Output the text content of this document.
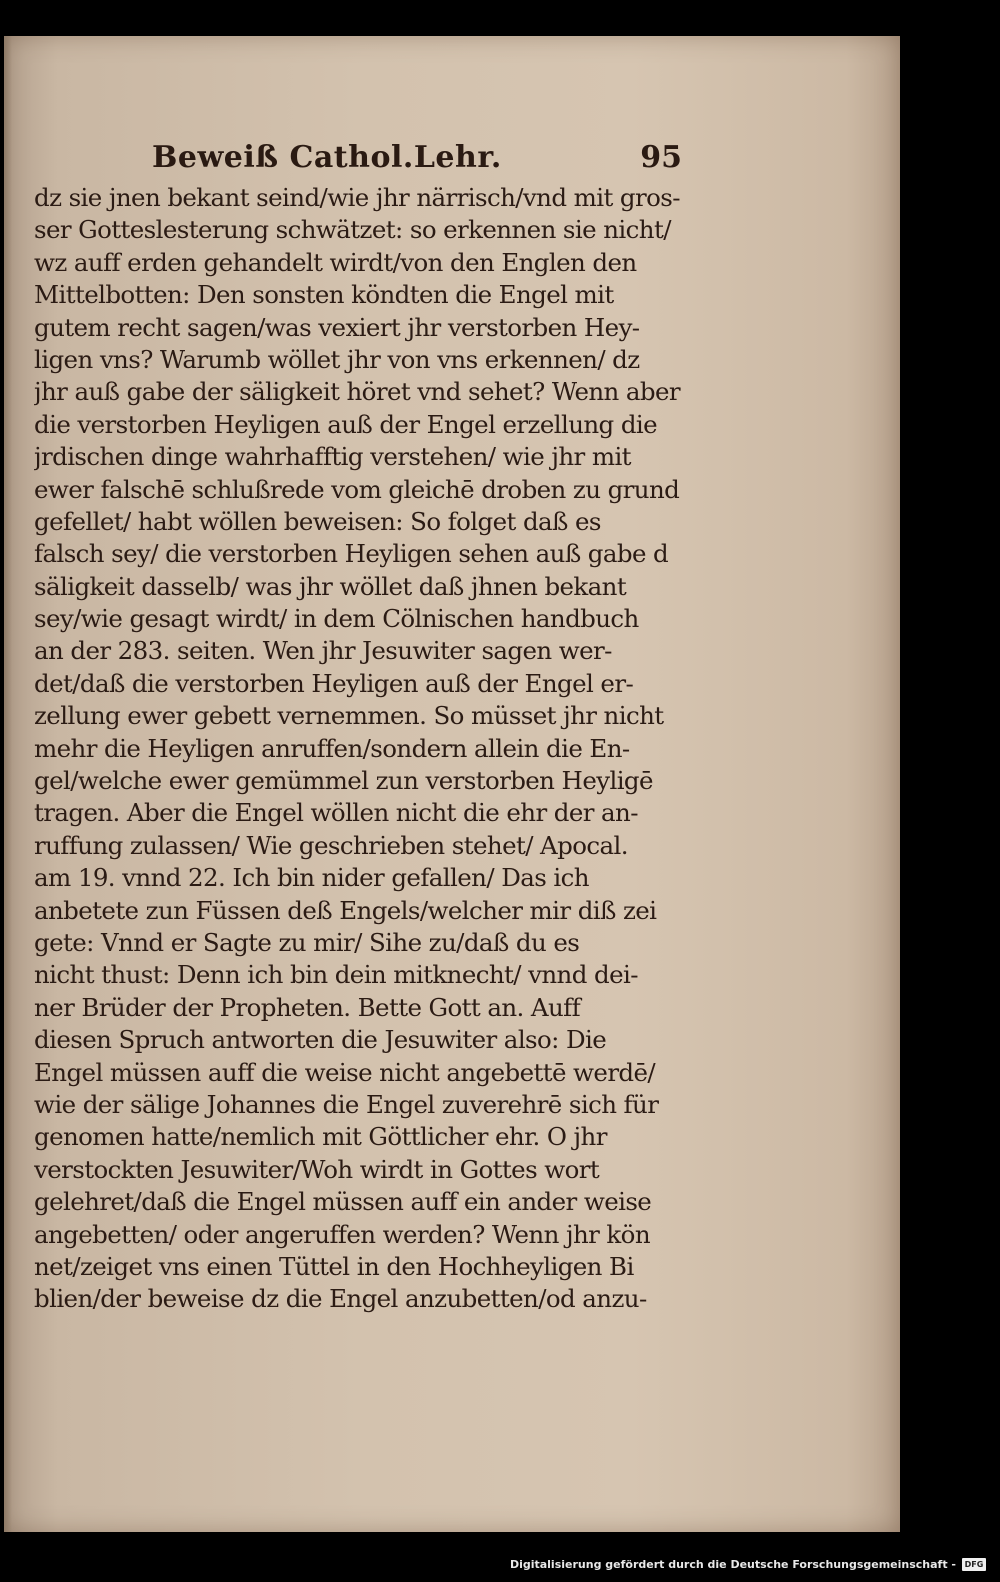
Beweiß Cathol.Lehr.	95
dz sie jnen bekant seind/wie jhr närrisch/vnd mit gros-
ser Gotteslesterung schwätzet: so erkennen sie nicht/
wz auff erden gehandelt wirdt/von den Englen den
Mittelbotten: Den sonsten köndten die Engel mit
gutem recht sagen/was vexiert jhr verstorben Hey-
ligen vns? Warumb wöllet jhr von vns erkennen/ dz
jhr auß gabe der säligkeit höret vnd sehet? Wenn aber
die verstorben Heyligen auß der Engel erzellung die
jrdischen dinge wahrhafftig verstehen/ wie jhr mit
ewer falschē schlußrede vom gleichē droben zu grund
gefellet/ habt wöllen beweisen: So folget daß es
falsch sey/ die verstorben Heyligen sehen auß gabe d
säligkeit dasselb/ was jhr wöllet daß jhnen bekant
sey/wie gesagt wirdt/ in dem Cölnischen handbuch
an der 283. seiten. Wen jhr Jesuwiter sagen wer-
det/daß die verstorben Heyligen auß der Engel er-
zellung ewer gebett vernemmen. So müsset jhr nicht
mehr die Heyligen anruffen/sondern allein die En-
gel/welche ewer gemümmel zun verstorben Heyligē
tragen. Aber die Engel wöllen nicht die ehr der an-
ruffung zulassen/ Wie geschrieben stehet/ Apocal.
am 19. vnnd 22. Ich bin nider gefallen/ Das ich
anbetete zun Füssen deß Engels/welcher mir diß zei
gete: Vnnd er Sagte zu mir/ Sihe zu/daß du es
nicht thust: Denn ich bin dein mitknecht/ vnnd dei-
ner Brüder der Propheten. Bette Gott an. Auff
diesen Spruch antworten die Jesuwiter also: Die
Engel müssen auff die weise nicht angebettē werdē/
wie der sälige Johannes die Engel zuverehrē sich für
genomen hatte/nemlich mit Göttlicher ehr. O jhr
verstockten Jesuwiter/Woh wirdt in Gottes wort
gelehret/daß die Engel müssen auff ein ander weise
angebetten/ oder angeruffen werden? Wenn jhr kön
net/zeiget vns einen Tüttel in den Hochheyligen Bi
blien/der beweise dz die Engel anzubetten/od anzu-
Digitalisierung gefördert durch die Deutsche Forschungsgemeinschaft -	DFG
